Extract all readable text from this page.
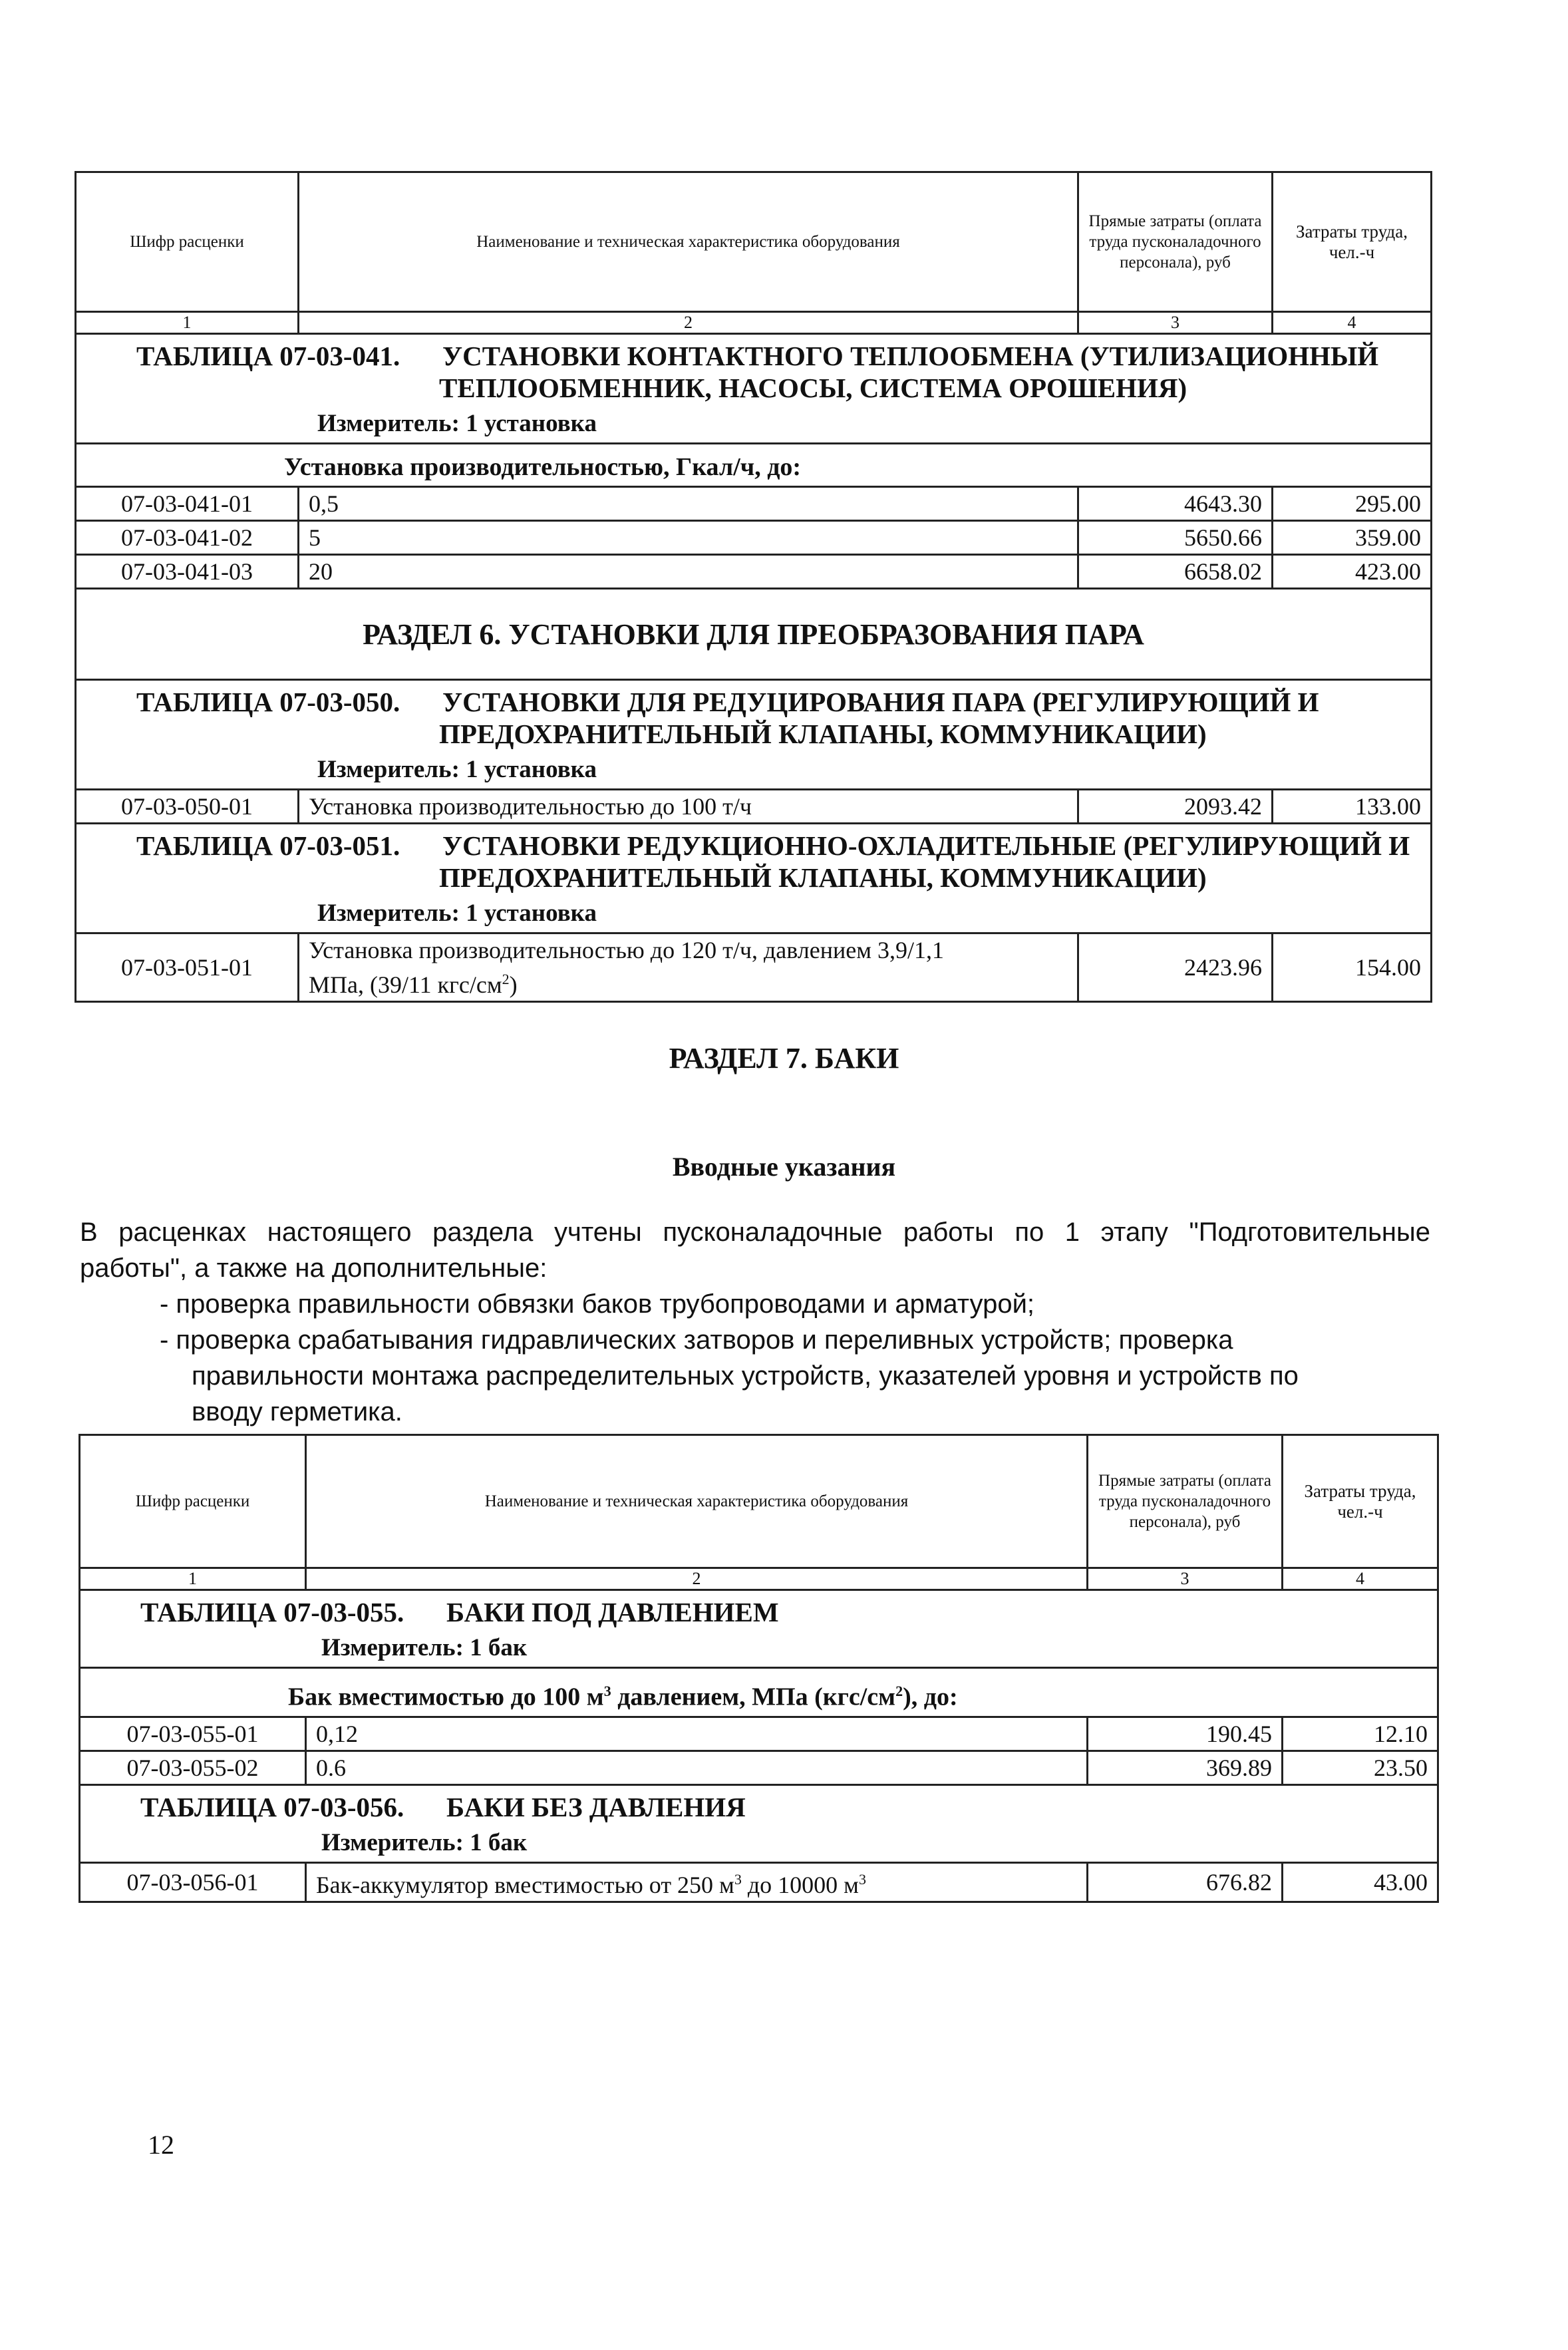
Шифр расценки	Наименование и техническая характеристика оборудования	Прямые затраты (оплата труда пусконаладочного персонала), руб	Затраты труда, чел.-ч
1	2	3	4
ТАБЛИЦА 07-03-041. УСТАНОВКИ КОНТАКТНОГО ТЕПЛООБМЕНА (УТИЛИЗАЦИОННЫЙ
ТЕПЛООБМЕННИК, НАСОСЫ, СИСТЕМА ОРОШЕНИЯ)
Измеритель: 1 установка			

Установка производительностью, Гкал/ч, до:			
07-03-041-01	0,5	4643.30	295.00
07-03-041-02	5	5650.66	359.00
07-03-041-03	20	6658.02	423.00
РАЗДЕЛ 6. УСТАНОВКИ ДЛЯ ПРЕОБРАЗОВАНИЯ ПАРА			
ТАБЛИЦА 07-03-050. УСТАНОВКИ ДЛЯ РЕДУЦИРОВАНИЯ ПАРА (РЕГУЛИРУЮЩИЙ И
ПРЕДОХРАНИТЕЛЬНЫЙ КЛАПАНЫ, КОММУНИКАЦИИ)
Измеритель: 1 установка			

07-03-050-01	Установка производительностью до 100 т/ч	2093.42	133.00
ТАБЛИЦА 07-03-051. УСТАНОВКИ РЕДУКЦИОННО-ОХЛАДИТЕЛЬНЫЕ (РЕГУЛИРУЮЩИЙ И
ПРЕДОХРАНИТЕЛЬНЫЙ КЛАПАНЫ, КОММУНИКАЦИИ)
Измеритель: 1 установка			

07-03-051-01	Установка производительностью до 120 т/ч, давлением 3,9/1,1
МПа, (39/11 кгс/$см^2$)	2423.96	154.00
РАЗДЕЛ 7. БАКИ
Вводные указания
В расценках настоящего раздела учтены пусконаладочные работы по 1 этапу "Подготовительные
работы", а также на дополнительные:
- проверка правильности обвязки баков трубопроводами и арматурой;
- проверка срабатывания гидравлических затворов и переливных устройств; проверка
правильности монтажа распределительных устройств, указателей уровня и устройств по
вводу герметика.
Шифр расценки	Наименование и техническая характеристика оборудования	Прямые затраты (оплата труда пусконаладочного персонала), руб	Затраты труда, чел.-ч
1	2	3	4
ТАБЛИЦА 07-03-055. БАКИ ПОД ДАВЛЕНИЕМ
Измеритель: 1 бак			

Бак вместимостью до 100 $м^3$ давлением, МПа $(кгс/см^2)$, до:			
07-03-055-01	0,12	190.45	12.10
07-03-055-02	0.6	369.89	23.50
ТАБЛИЦА 07-03-056. БАКИ БЕЗ ДАВЛЕНИЯ
Измеритель: 1 бак			

07-03-056-01	Бак-аккумулятор вместимостью от 250 $м^3$ до 10000 $м^3$	676.82	43.00
12
